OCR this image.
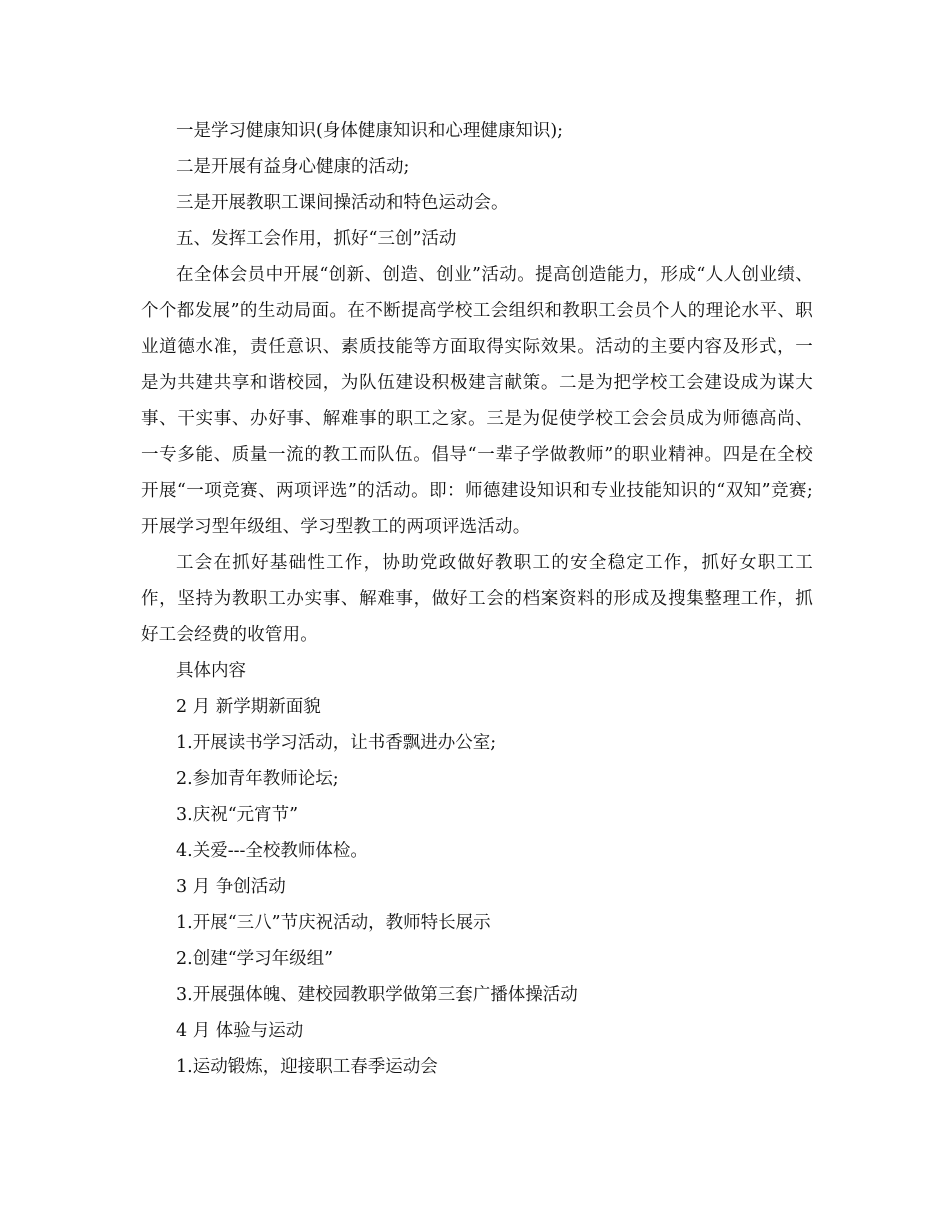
一是学习健康知识(身体健康知识和心理健康知识);

二是开展有益身心健康的活动;

三是开展教职工课间操活动和特色运动会。

五、发挥工会作用，抓好“三创”活动

在全体会员中开展“创新、创造、创业”活动。提高创造能力，形成“人人创业绩、个个都发展”的生动局面。在不断提高学校工会组织和教职工会员个人的理论水平、职业道德水准，责任意识、素质技能等方面取得实际效果。活动的主要内容及形式，一是为共建共享和谐校园，为队伍建设积极建言献策。二是为把学校工会建设成为谋大事、干实事、办好事、解难事的职工之家。三是为促使学校工会会员成为师德高尚、一专多能、质量一流的教工而队伍。倡导“一辈子学做教师”的职业精神。四是在全校开展“一项竞赛、两项评选”的活动。即：师德建设知识和专业技能知识的“双知”竞赛;开展学习型年级组、学习型教工的两项评选活动。

工会在抓好基础性工作，协助党政做好教职工的安全稳定工作，抓好女职工工作，坚持为教职工办实事、解难事，做好工会的档案资料的形成及搜集整理工作，抓好工会经费的收管用。

具体内容

2 月 新学期新面貌

1.开展读书学习活动，让书香飘进办公室;

2.参加青年教师论坛;

3.庆祝“元宵节”

4.关爱---全校教师体检。

3 月 争创活动

1.开展“三八”节庆祝活动，教师特长展示

2.创建“学习年级组”

3.开展强体魄、建校园教职学做第三套广播体操活动

4 月 体验与运动

1.运动锻炼，迎接职工春季运动会
